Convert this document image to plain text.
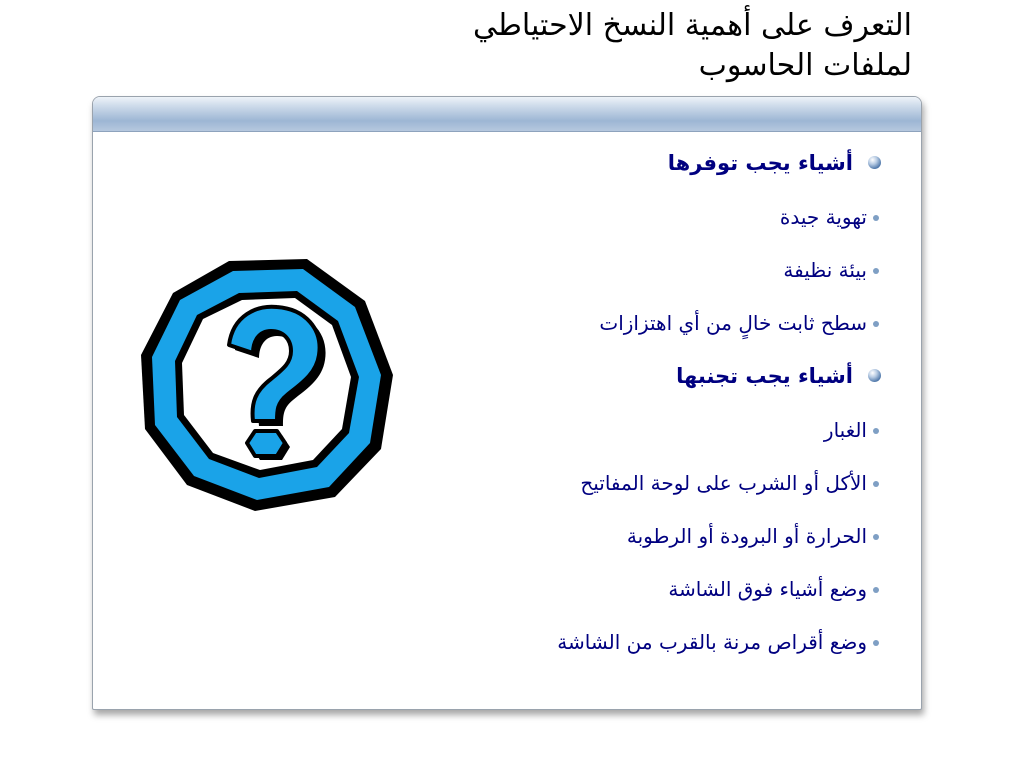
التعرف على أهمية النسخ الاحتياطي
لملفات الحاسوب
أشياء يجب توفرها
تهوية جيدة
بيئة نظيفة
سطح ثابت خالٍ من أي اهتزازات
أشياء يجب تجنبها
الغبار
الأكل أو الشرب على لوحة المفاتيح
الحرارة أو البرودة أو الرطوبة
وضع أشياء فوق الشاشة
وضع أقراص مرنة بالقرب من الشاشة
